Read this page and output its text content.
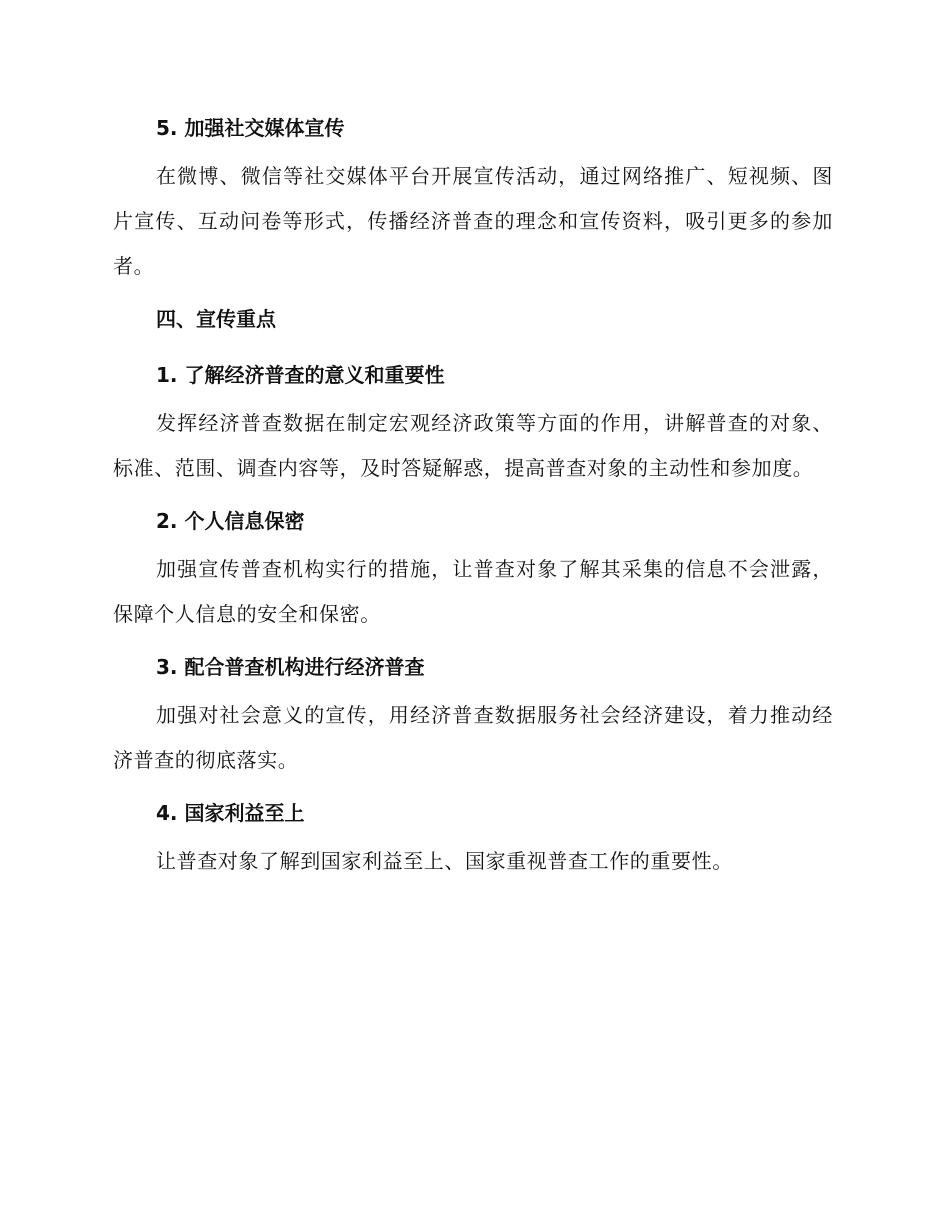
5. 加强社交媒体宣传

在微博、微信等社交媒体平台开展宣传活动，通过网络推广、短视频、图片宣传、互动问卷等形式，传播经济普查的理念和宣传资料，吸引更多的参加者。

四、宣传重点
1. 了解经济普查的意义和重要性

发挥经济普查数据在制定宏观经济政策等方面的作用，讲解普查的对象、标准、范围、调查内容等，及时答疑解惑，提高普查对象的主动性和参加度。

2. 个人信息保密

加强宣传普查机构实行的措施，让普查对象了解其采集的信息不会泄露，保障个人信息的安全和保密。

3. 配合普查机构进行经济普查

加强对社会意义的宣传，用经济普查数据服务社会经济建设，着力推动经济普查的彻底落实。

4. 国家利益至上

让普查对象了解到国家利益至上、国家重视普查工作的重要性。
